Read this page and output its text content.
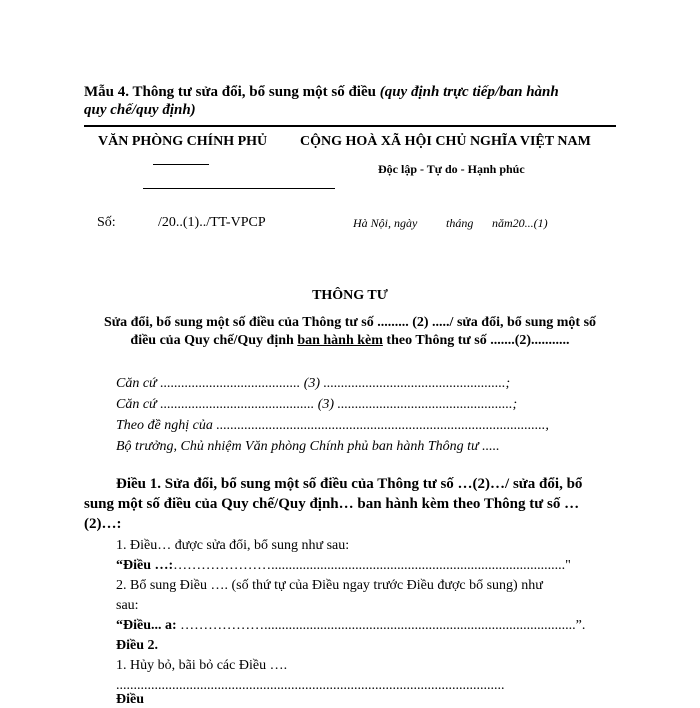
Mẫu 4. Thông tư sửa đổi, bổ sung một số điều (quy định trực tiếp/ban hành
quy chế/quy định)
VĂN PHÒNG CHÍNH PHỦ CỘNG HOÀ XÃ HỘI CHỦ NGHĨA VIỆT NAM
Độc lập - Tự do - Hạnh phúc
Số:	/20..(1)../TT-VPCP	Hà Nội, ngày tháng năm20...(1)
THÔNG TƯ
Sửa đổi, bổ sung một số điều của Thông tư số ......... (2) ...../ sửa đổi, bổ sung một số
điều của Quy chế/Quy định ban hành kèm theo Thông tư số .......(2)...........
Căn cứ ........................................ (3) ....................................................;
Căn cứ ............................................ (3) ..................................................;
Theo đề nghị của ..............................................................................................,
Bộ trưởng, Chủ nhiệm Văn phòng Chính phủ ban hành Thông tư .....
Điều 1. Sửa đổi, bổ sung một số điều của Thông tư số …(2)…/ sửa đổi, bổ
sung một số điều của Quy chế/Quy định… ban hành kèm theo Thông tư số …
(2)…:
1. Điều… được sửa đổi, bổ sung như sau:
“Điều …:…………………...................................................................................."
2. Bổ sung Điều …. (số thứ tự của Điều ngay trước Điều được bổ sung) như
sau:
“Điều... a: ……………….........................................................................................”.
Điều 2.
1. Hủy bỏ, bãi bỏ các Điều ….
...............................................................................................................
Điều
